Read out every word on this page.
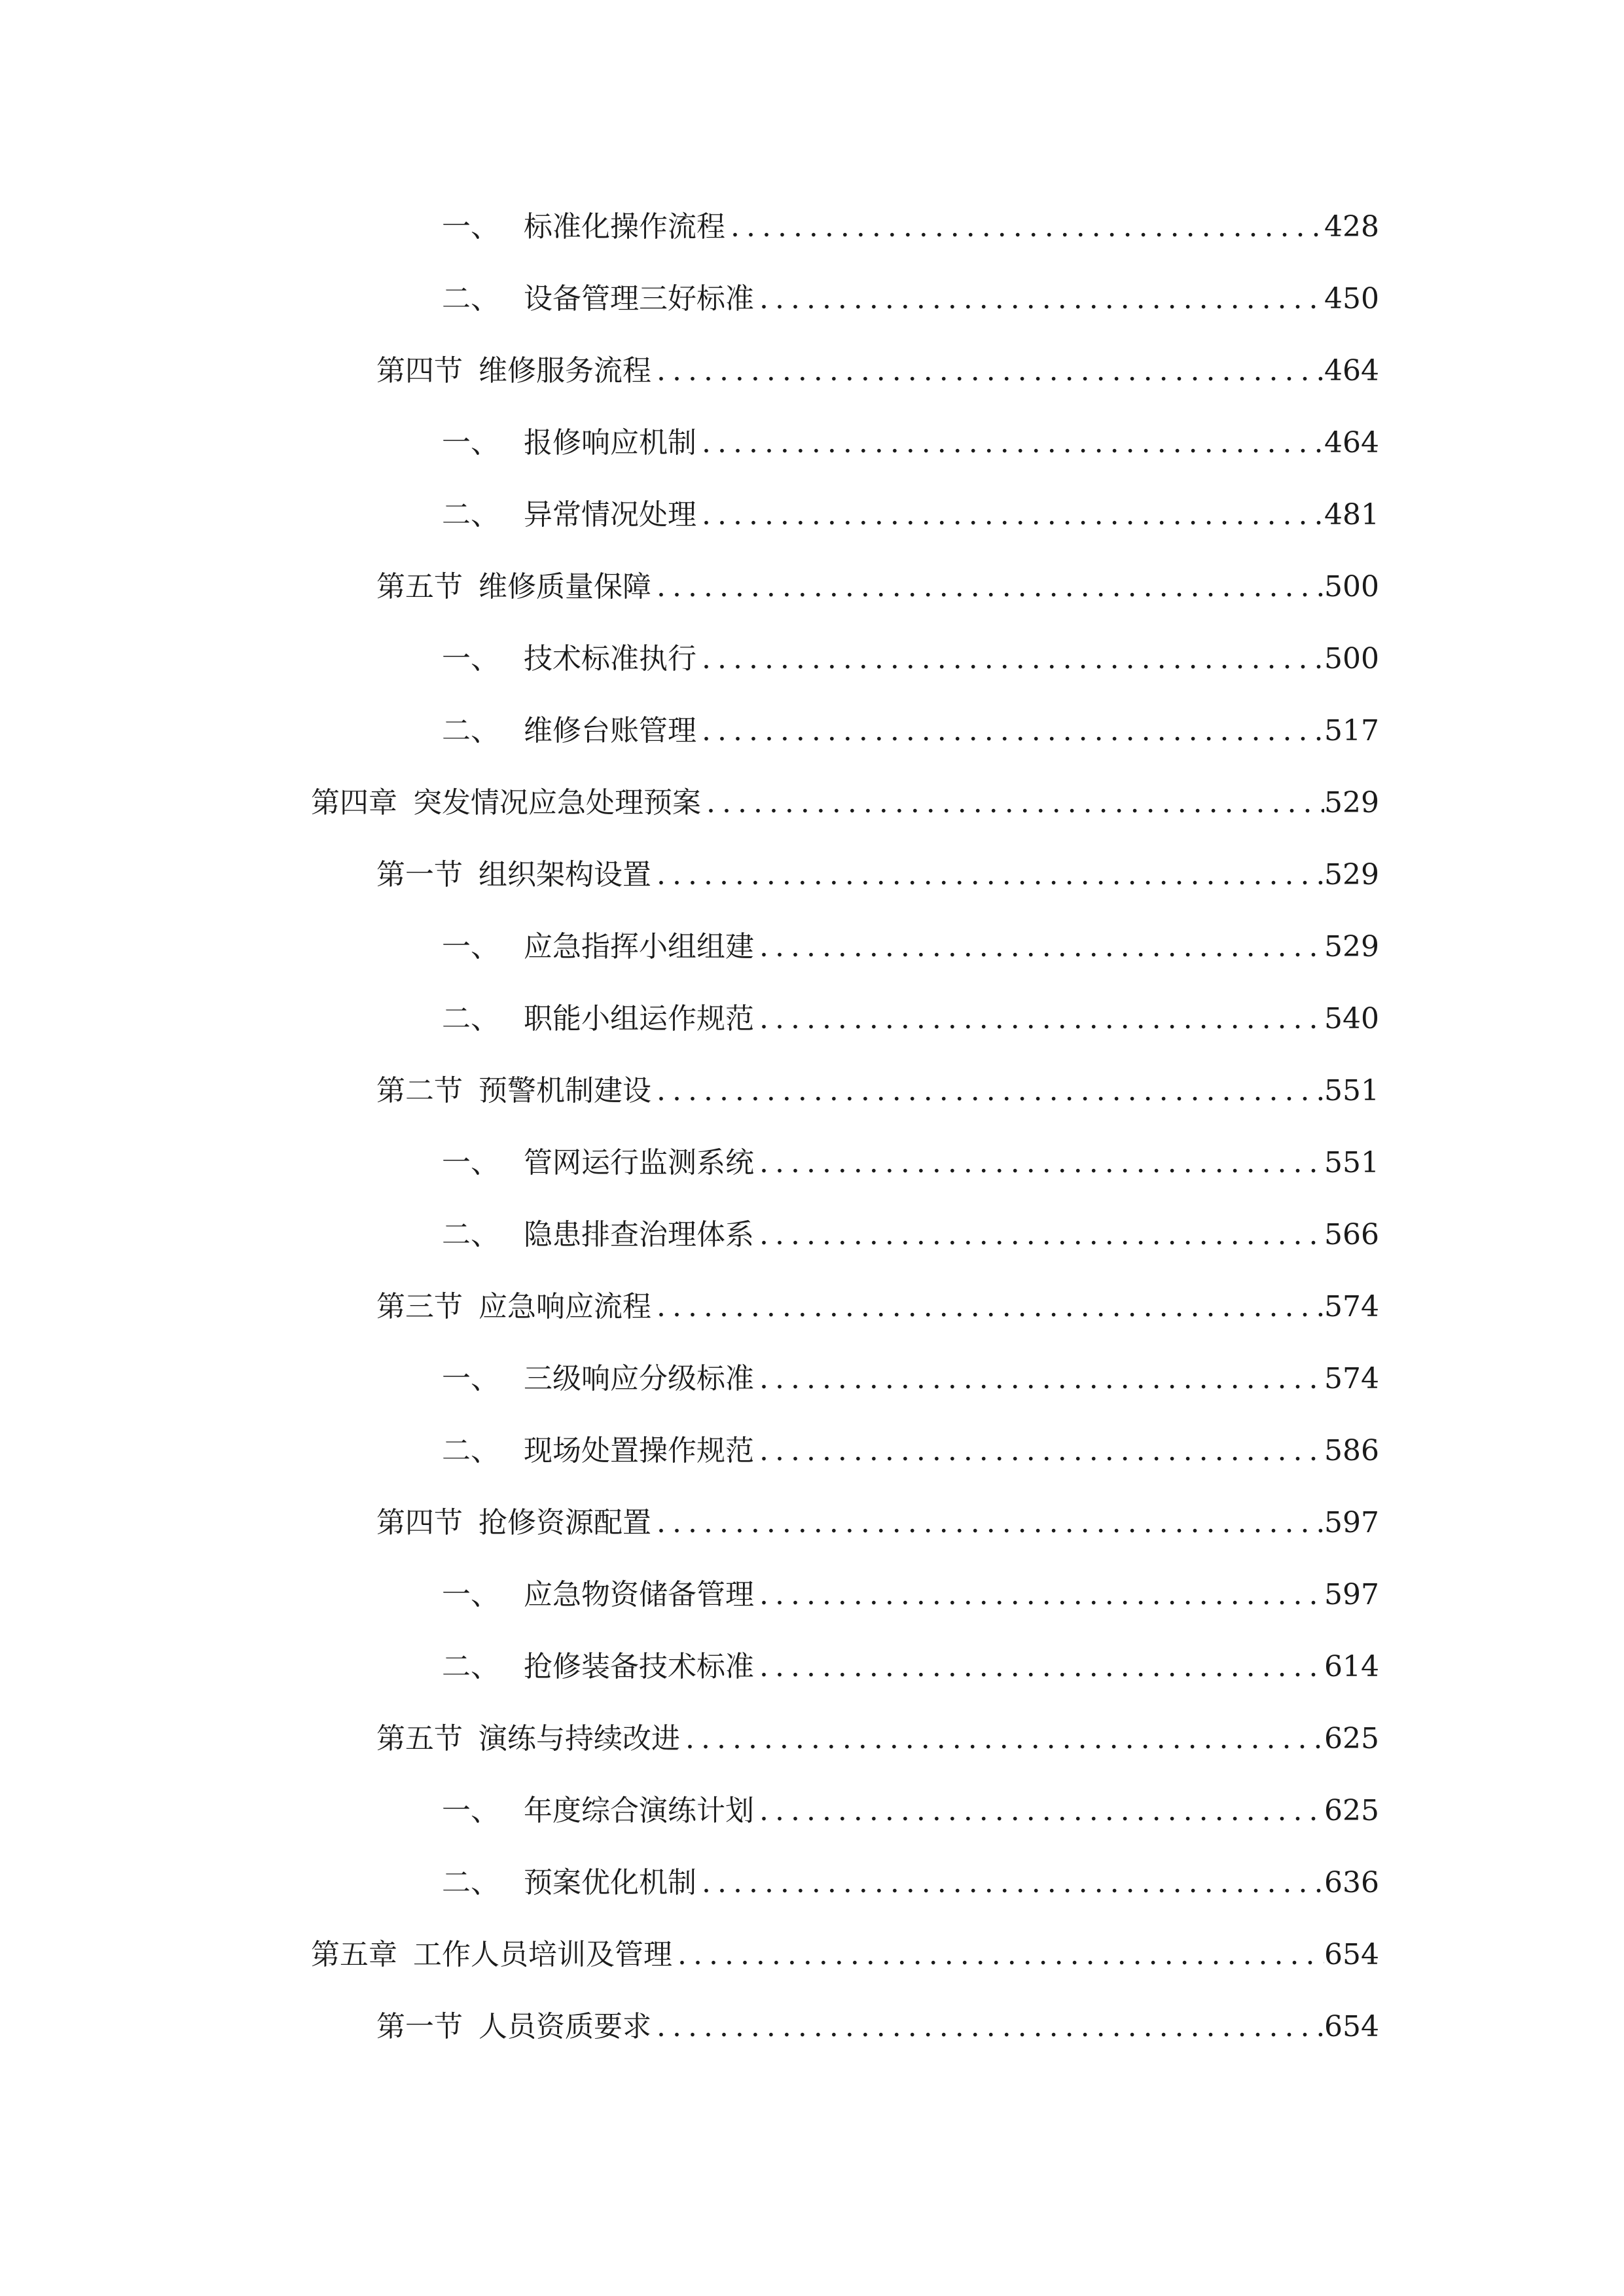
一、 标准化操作流程 .....	428
二、 设备管理三好标准 .....	450
第四节 维修服务流程 .....	464
一、 报修响应机制 .....	464
二、 异常情况处理 .....	481
第五节 维修质量保障 .....	500
一、 技术标准执行 .....	500
二、 维修台账管理 .....	517
第四章 突发情况应急处理预案 .....	529
第一节 组织架构设置 .....	529
一、 应急指挥小组组建 .....	529
二、 职能小组运作规范 .....	540
第二节 预警机制建设 .....	551
一、 管网运行监测系统 .....	551
二、 隐患排查治理体系 .....	566
第三节 应急响应流程 .....	574
一、 三级响应分级标准 .....	574
二、 现场处置操作规范 .....	586
第四节 抢修资源配置 .....	597
一、 应急物资储备管理 .....	597
二、 抢修装备技术标准 .....	614
第五节 演练与持续改进 .....	625
一、 年度综合演练计划 .....	625
二、 预案优化机制 .....	636
第五章 工作人员培训及管理 .....	654
第一节 人员资质要求 .....	654
